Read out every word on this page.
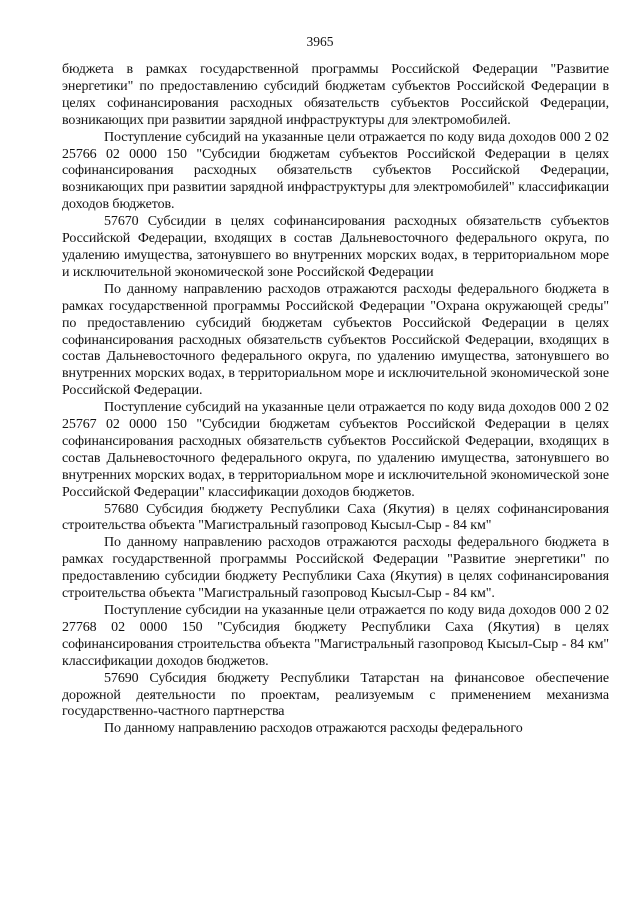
3965

бюджета в рамках государственной программы Российской Федерации "Развитие энергетики" по предоставлению субсидий бюджетам субъектов Российской Федерации в целях софинансирования расходных обязательств субъектов Российской Федерации, возникающих при развитии зарядной инфраструктуры для электромобилей.

Поступление субсидий на указанные цели отражается по коду вида доходов 000 2 02 25766 02 0000 150 "Субсидии бюджетам субъектов Российской Федерации в целях софинансирования расходных обязательств субъектов Российской Федерации, возникающих при развитии зарядной инфраструктуры для электромобилей" классификации доходов бюджетов.

57670 Субсидии в целях софинансирования расходных обязательств субъектов Российской Федерации, входящих в состав Дальневосточного федерального округа, по удалению имущества, затонувшего во внутренних морских водах, в территориальном море и исключительной экономической зоне Российской Федерации

По данному направлению расходов отражаются расходы федерального бюджета в рамках государственной программы Российской Федерации "Охрана окружающей среды" по предоставлению субсидий бюджетам субъектов Российской Федерации в целях софинансирования расходных обязательств субъектов Российской Федерации, входящих в состав Дальневосточного федерального округа, по удалению имущества, затонувшего во внутренних морских водах, в территориальном море и исключительной экономической зоне Российской Федерации.

Поступление субсидий на указанные цели отражается по коду вида доходов 000 2 02 25767 02 0000 150 "Субсидии бюджетам субъектов Российской Федерации в целях софинансирования расходных обязательств субъектов Российской Федерации, входящих в состав Дальневосточного федерального округа, по удалению имущества, затонувшего во внутренних морских водах, в территориальном море и исключительной экономической зоне Российской Федерации" классификации доходов бюджетов.

57680 Субсидия бюджету Республики Саха (Якутия) в целях софинансирования строительства объекта "Магистральный газопровод Кысыл-Сыр - 84 км"

По данному направлению расходов отражаются расходы федерального бюджета в рамках государственной программы Российской Федерации "Развитие энергетики" по предоставлению субсидии бюджету Республики Саха (Якутия) в целях софинансирования строительства объекта "Магистральный газопровод Кысыл-Сыр - 84 км".

Поступление субсидии на указанные цели отражается по коду вида доходов 000 2 02 27768 02 0000 150 "Субсидия бюджету Республики Саха (Якутия) в целях софинансирования строительства объекта "Магистральный газопровод Кысыл-Сыр - 84 км" классификации доходов бюджетов.

57690 Субсидия бюджету Республики Татарстан на финансовое обеспечение дорожной деятельности по проектам, реализуемым с применением механизма государственно-частного партнерства

По данному направлению расходов отражаются расходы федерального
